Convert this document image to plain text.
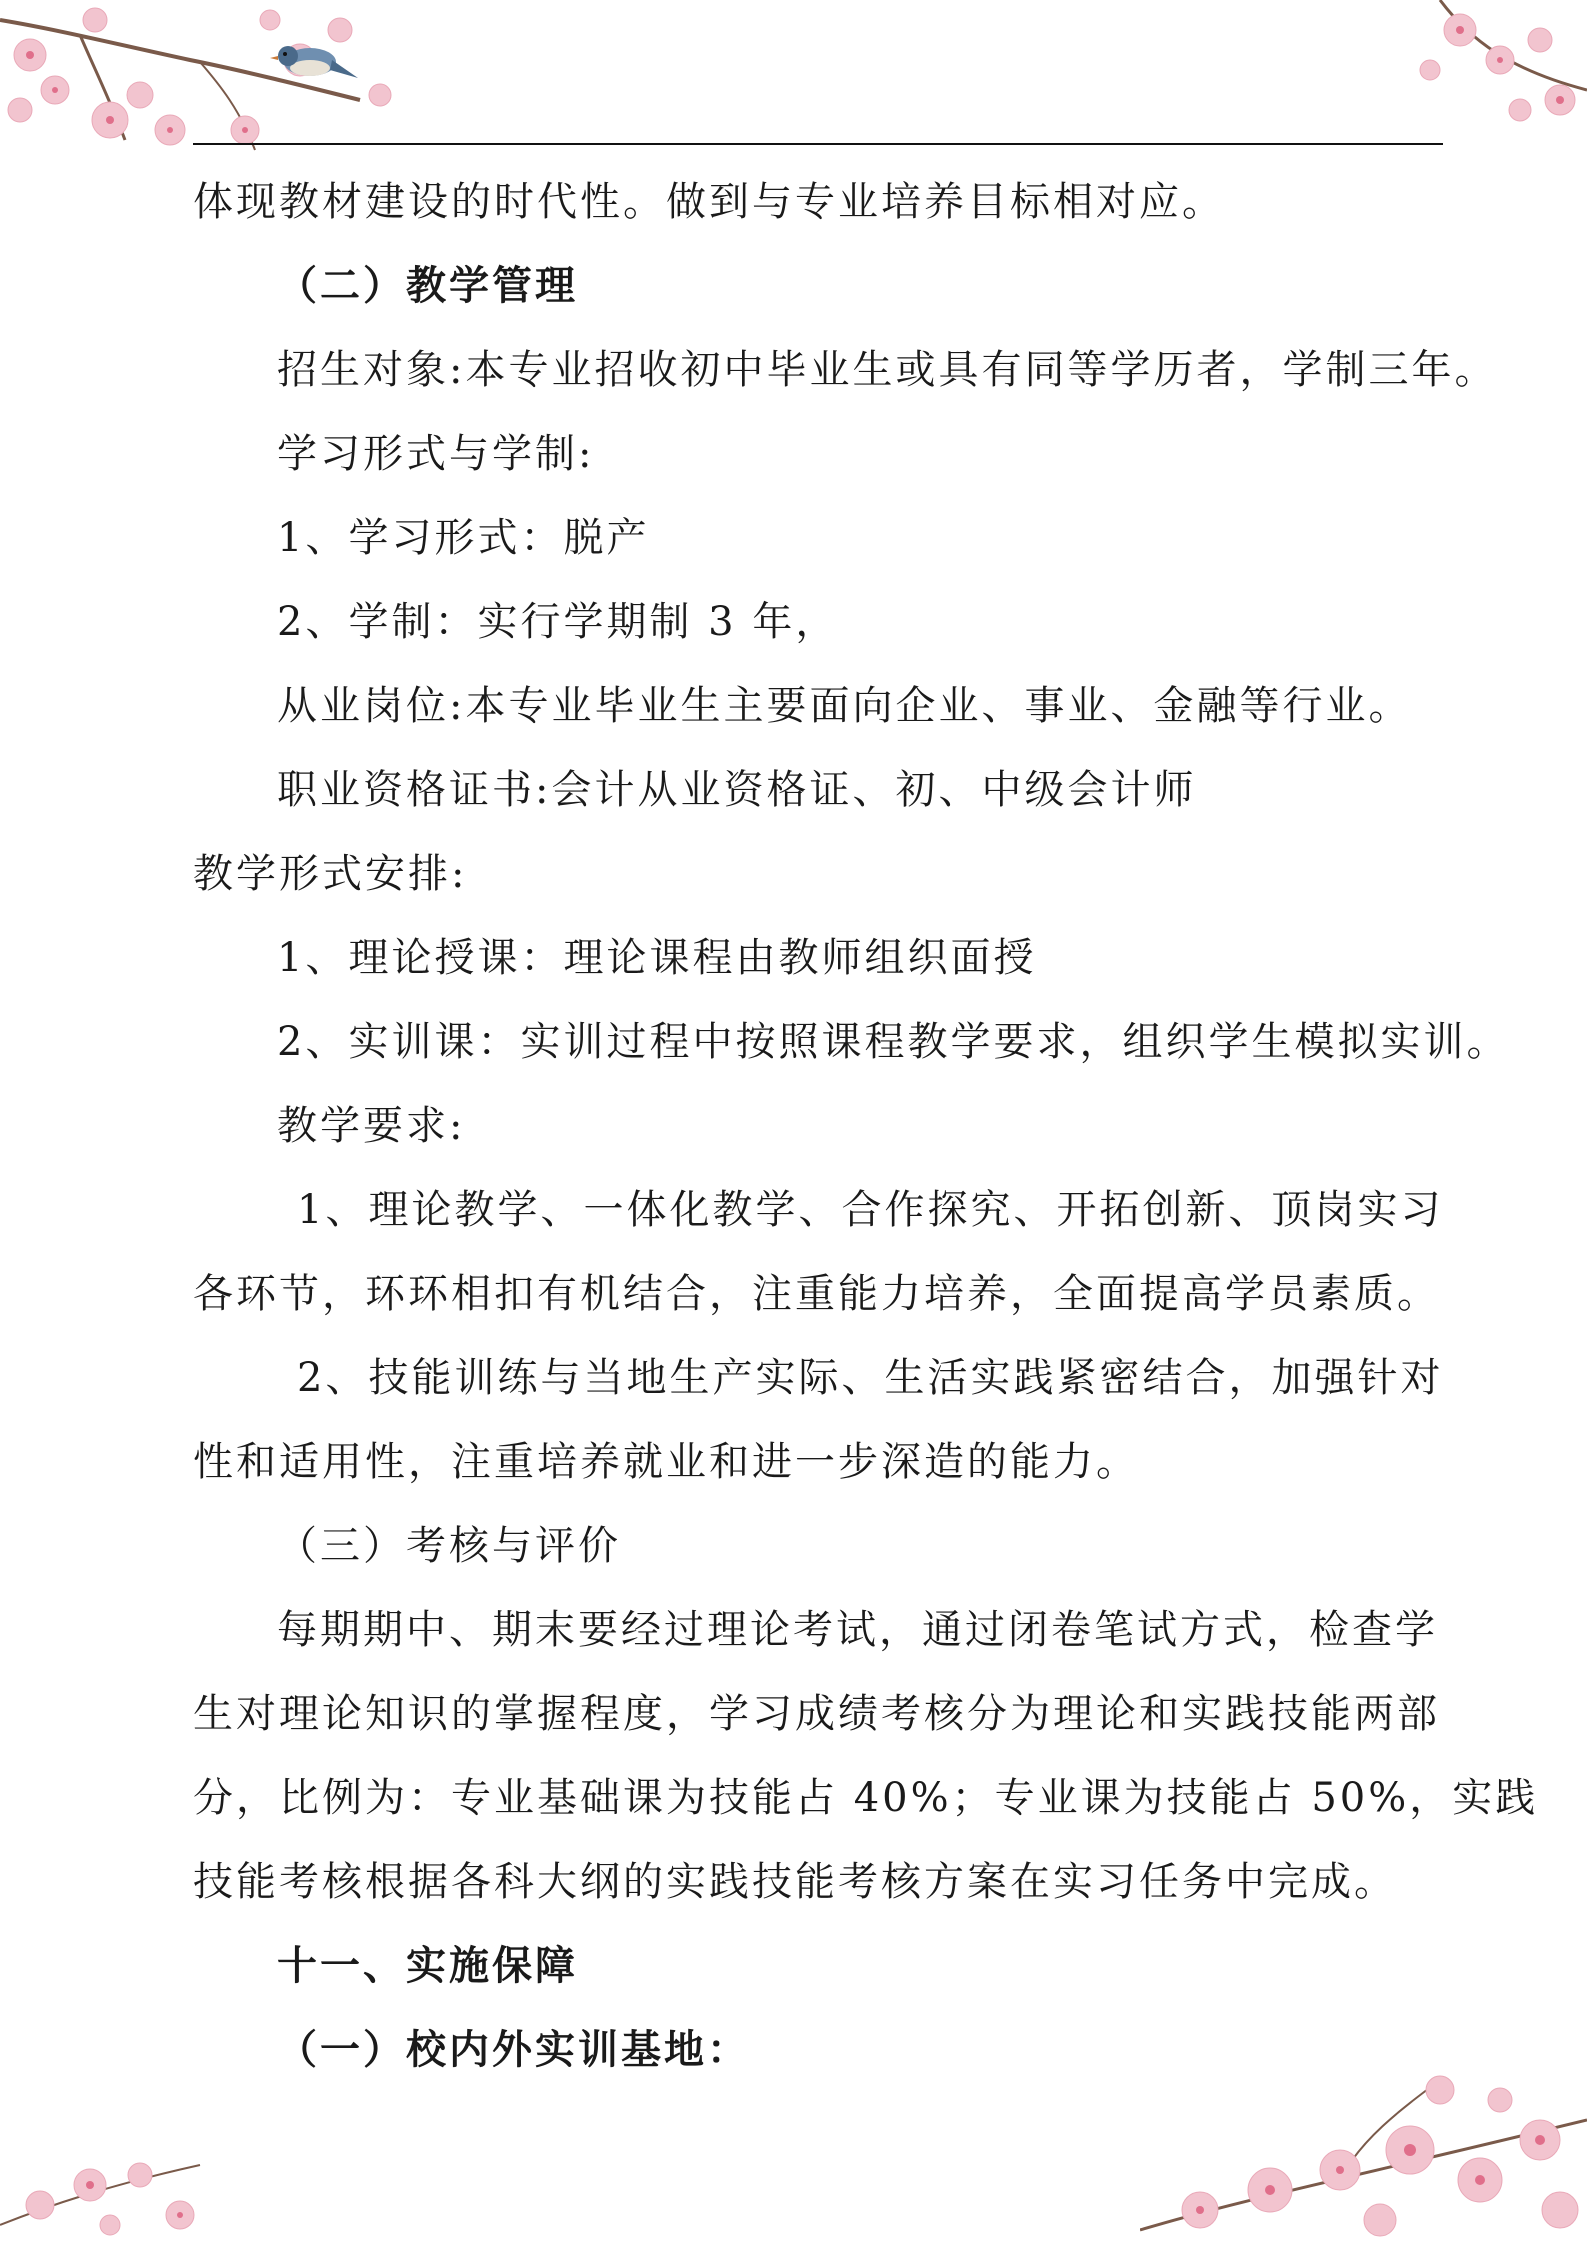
体现教材建设的时代性。做到与专业培养目标相对应。
（二）教学管理
招生对象:本专业招收初中毕业生或具有同等学历者，学制三年。
学习形式与学制:
1、学习形式：脱产
2、学制：实行学期制 3 年，
从业岗位:本专业毕业生主要面向企业、事业、金融等行业。
职业资格证书:会计从业资格证、初、中级会计师
教学形式安排:
1、理论授课：理论课程由教师组织面授
2、实训课：实训过程中按照课程教学要求，组织学生模拟实训。
教学要求:
1、理论教学、一体化教学、合作探究、开拓创新、顶岗实习
各环节，环环相扣有机结合，注重能力培养，全面提高学员素质。
2、技能训练与当地生产实际、生活实践紧密结合，加强针对
性和适用性，注重培养就业和进一步深造的能力。
（三）考核与评价
每期期中、期末要经过理论考试，通过闭卷笔试方式，检查学
生对理论知识的掌握程度，学习成绩考核分为理论和实践技能两部
分，比例为：专业基础课为技能占 40%；专业课为技能占 50%，实践
技能考核根据各科大纲的实践技能考核方案在实习任务中完成。
十一、实施保障
（一）校内外实训基地：
